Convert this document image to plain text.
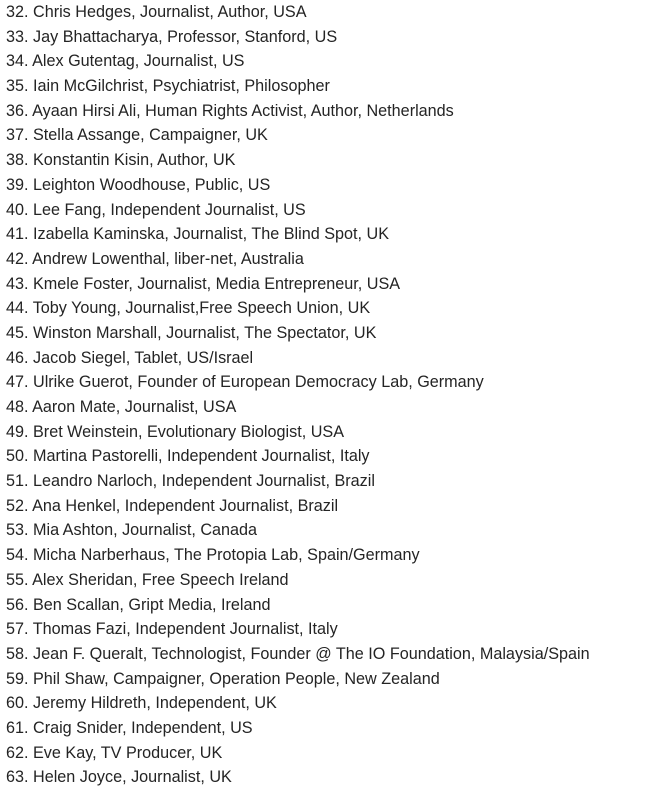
32. Chris Hedges, Journalist, Author, USA
33. Jay Bhattacharya, Professor, Stanford, US
34. Alex Gutentag, Journalist, US
35. Iain McGilchrist, Psychiatrist, Philosopher
36. Ayaan Hirsi Ali, Human Rights Activist, Author, Netherlands
37. Stella Assange, Campaigner, UK
38. Konstantin Kisin, Author, UK
39. Leighton Woodhouse, Public, US
40. Lee Fang, Independent Journalist, US
41. Izabella Kaminska, Journalist, The Blind Spot, UK
42. Andrew Lowenthal, liber-net, Australia
43. Kmele Foster, Journalist, Media Entrepreneur, USA
44. Toby Young, Journalist,Free Speech Union, UK
45. Winston Marshall, Journalist, The Spectator, UK
46. Jacob Siegel, Tablet, US/Israel
47. Ulrike Guerot, Founder of European Democracy Lab, Germany
48. Aaron Mate, Journalist, USA
49. Bret Weinstein, Evolutionary Biologist, USA
50. Martina Pastorelli, Independent Journalist, Italy
51. Leandro Narloch, Independent Journalist, Brazil
52. Ana Henkel, Independent Journalist, Brazil
53. Mia Ashton, Journalist, Canada
54. Micha Narberhaus, The Protopia Lab, Spain/Germany
55. Alex Sheridan, Free Speech Ireland
56. Ben Scallan, Gript Media, Ireland
57. Thomas Fazi, Independent Journalist, Italy
58. Jean F. Queralt, Technologist, Founder @ The IO Foundation, Malaysia/Spain
59. Phil Shaw, Campaigner, Operation People, New Zealand
60. Jeremy Hildreth, Independent, UK
61. Craig Snider, Independent, US
62. Eve Kay, TV Producer, UK
63. Helen Joyce, Journalist, UK
